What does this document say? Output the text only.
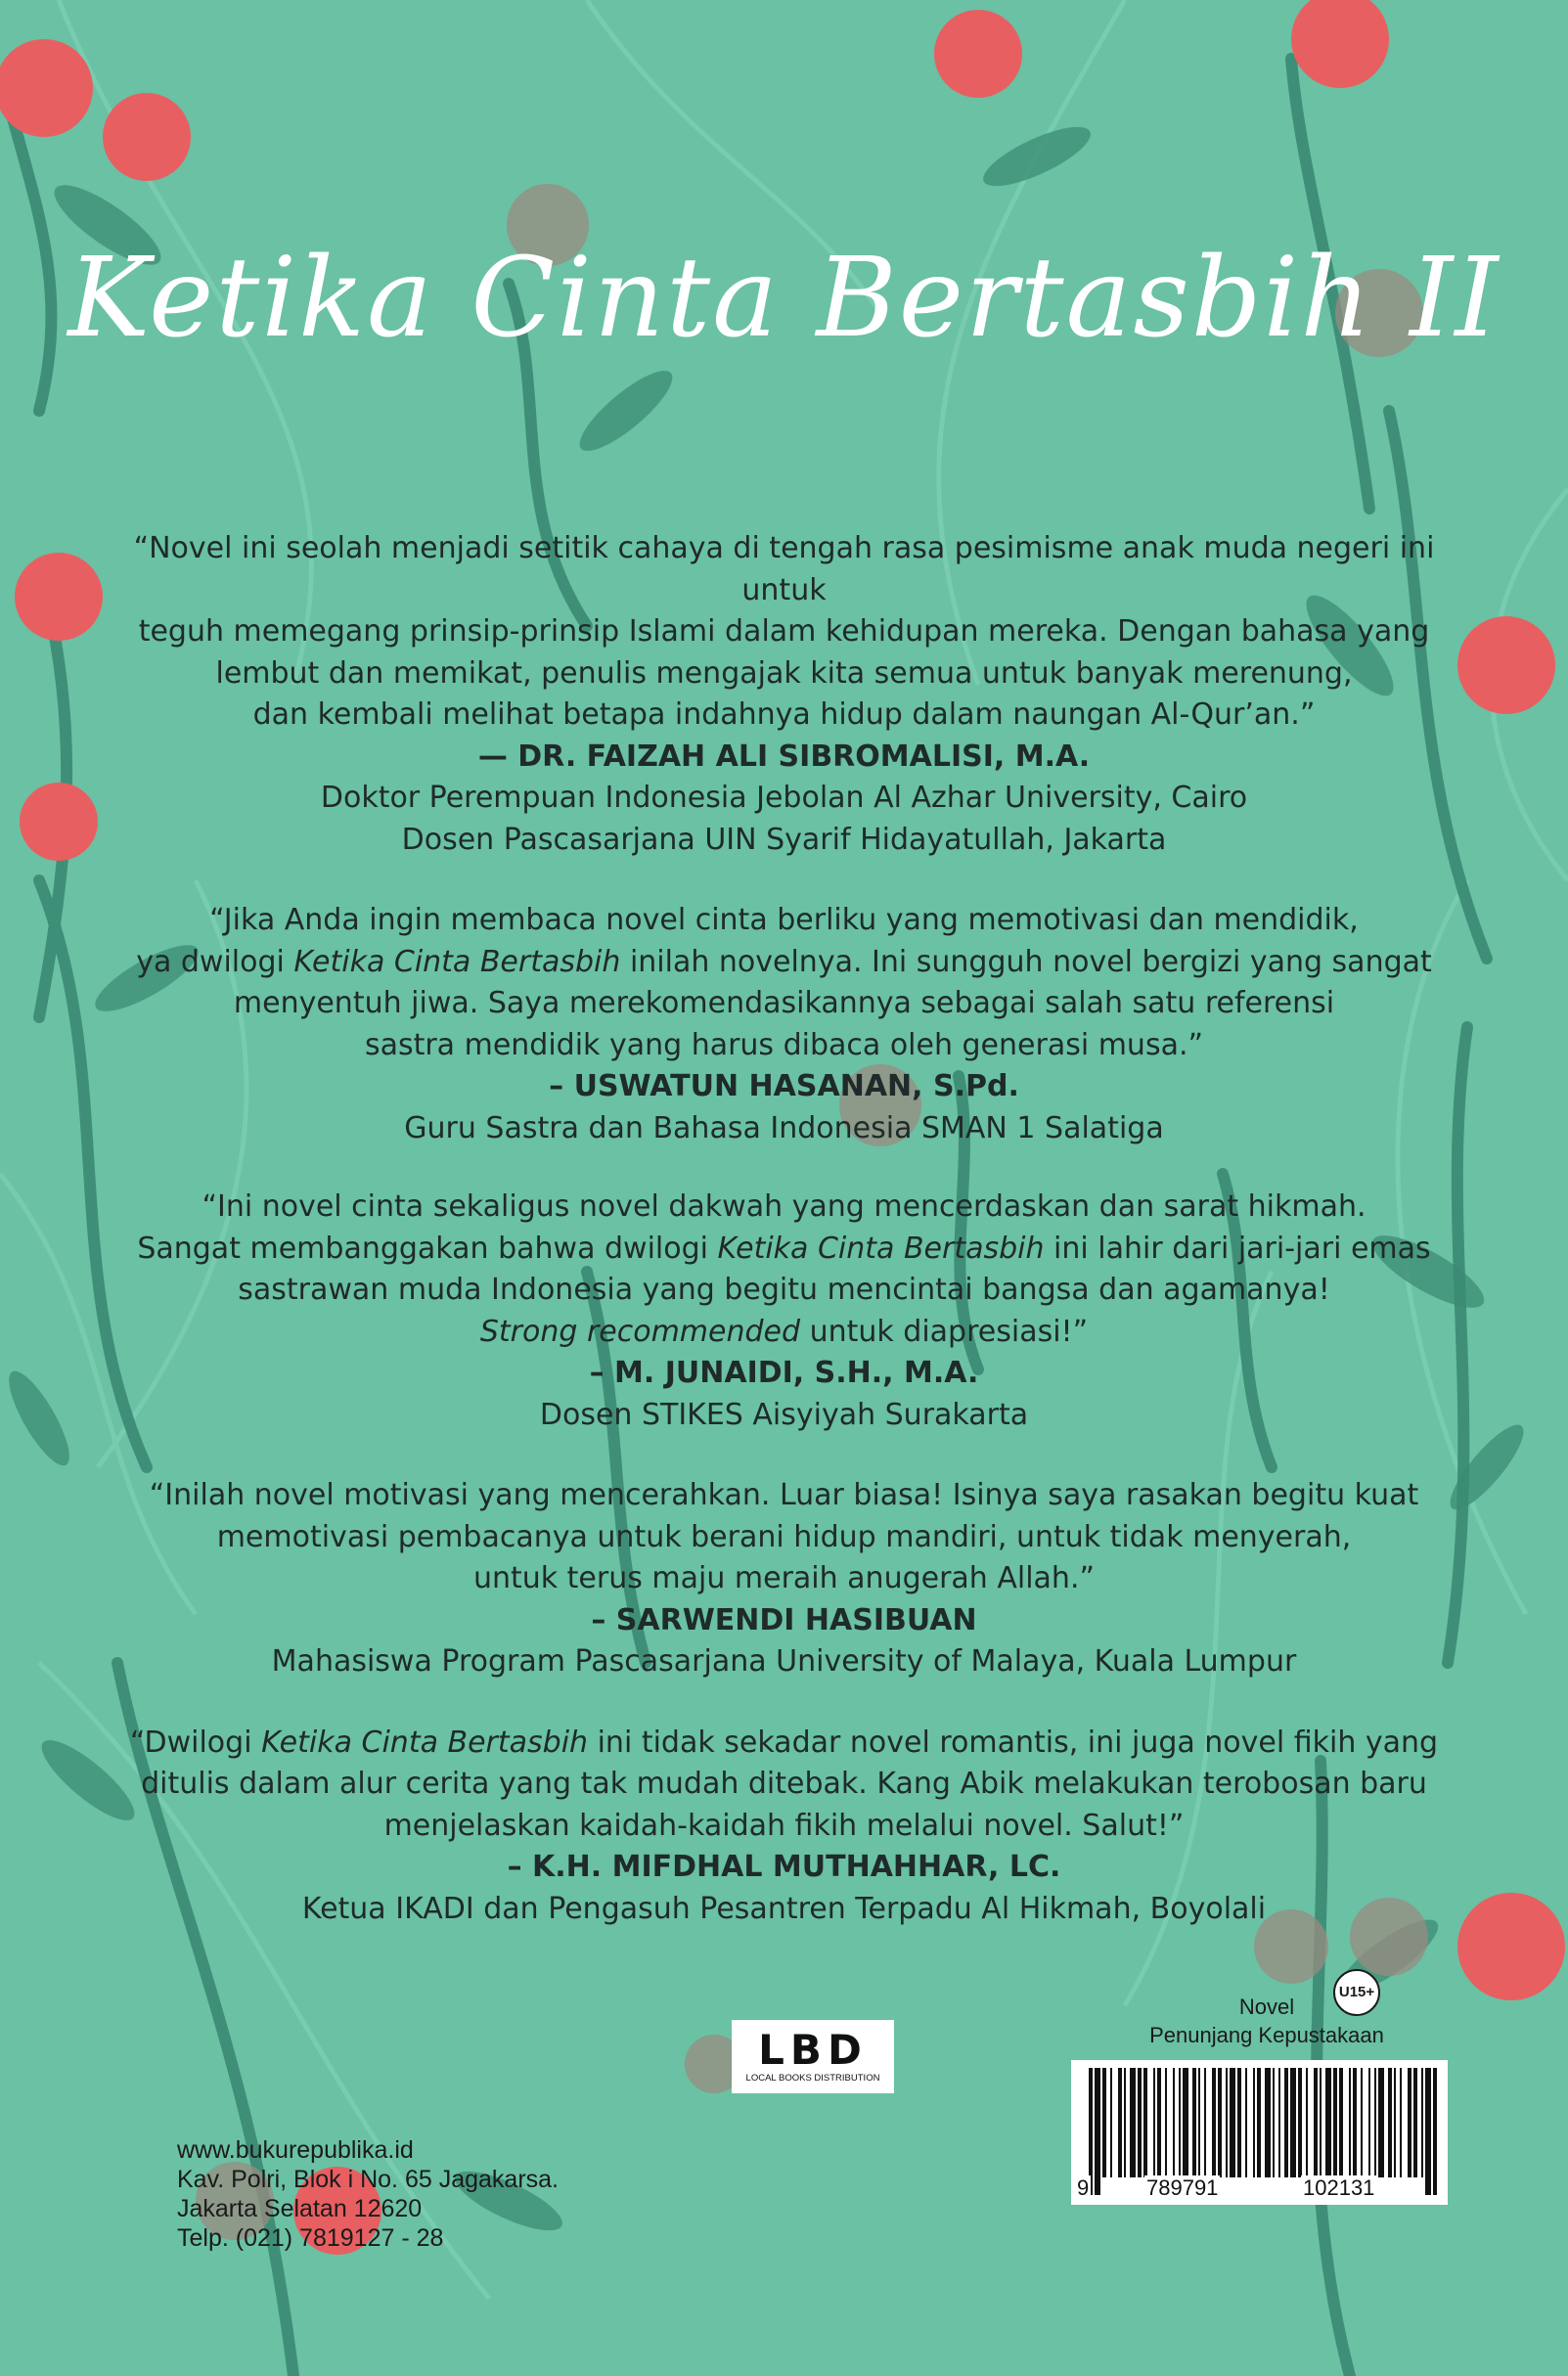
Ketika Cinta Bertasbih II

“Novel ini seolah menjadi setitik cahaya di tengah rasa pesimisme anak muda negeri ini untuk

teguh memegang prinsip-prinsip Islami dalam kehidupan mereka. Dengan bahasa yang

lembut dan memikat, penulis mengajak kita semua untuk banyak merenung,

dan kembali melihat betapa indahnya hidup dalam naungan Al-Qur’an.”

— DR. FAIZAH ALI SIBROMALISI, M.A.

Doktor Perempuan Indonesia Jebolan Al Azhar University, Cairo

Dosen Pascasarjana UIN Syarif Hidayatullah, Jakarta

“Jika Anda ingin membaca novel cinta berliku yang memotivasi dan mendidik,

ya dwilogi Ketika Cinta Bertasbih inilah novelnya. Ini sungguh novel bergizi yang sangat

menyentuh jiwa. Saya merekomendasikannya sebagai salah satu referensi

sastra mendidik yang harus dibaca oleh generasi musa.”

– USWATUN HASANAN, S.Pd.

Guru Sastra dan Bahasa Indonesia SMAN 1 Salatiga

“Ini novel cinta sekaligus novel dakwah yang mencerdaskan dan sarat hikmah.

Sangat membanggakan bahwa dwilogi Ketika Cinta Bertasbih ini lahir dari jari-jari emas

sastrawan muda Indonesia yang begitu mencintai bangsa dan agamanya!

Strong recommended untuk diapresiasi!”

– M. JUNAIDI, S.H., M.A.

Dosen STIKES Aisyiyah Surakarta

“Inilah novel motivasi yang mencerahkan. Luar biasa! Isinya saya rasakan begitu kuat

memotivasi pembacanya untuk berani hidup mandiri, untuk tidak menyerah,

untuk terus maju meraih anugerah Allah.”

– SARWENDI HASIBUAN

Mahasiswa Program Pascasarjana University of Malaya, Kuala Lumpur

“Dwilogi Ketika Cinta Bertasbih ini tidak sekadar novel romantis, ini juga novel fikih yang

ditulis dalam alur cerita yang tak mudah ditebak. Kang Abik melakukan terobosan baru

menjelaskan kaidah-kaidah fikih melalui novel. Salut!”

– K.H. MIFDHAL MUTHAHHAR, LC.

Ketua IKADI dan Pengasuh Pesantren Terpadu Al Hikmah, Boyolali

LBD
LOCAL BOOKS DISTRIBUTION
U15+
Novel
Penunjang Kepustakaan
9	789791	102131
www.bukurepublika.id
Kav. Polri, Blok i No. 65 Jagakarsa.
Jakarta Selatan 12620
Telp. (021) 7819127 - 28
